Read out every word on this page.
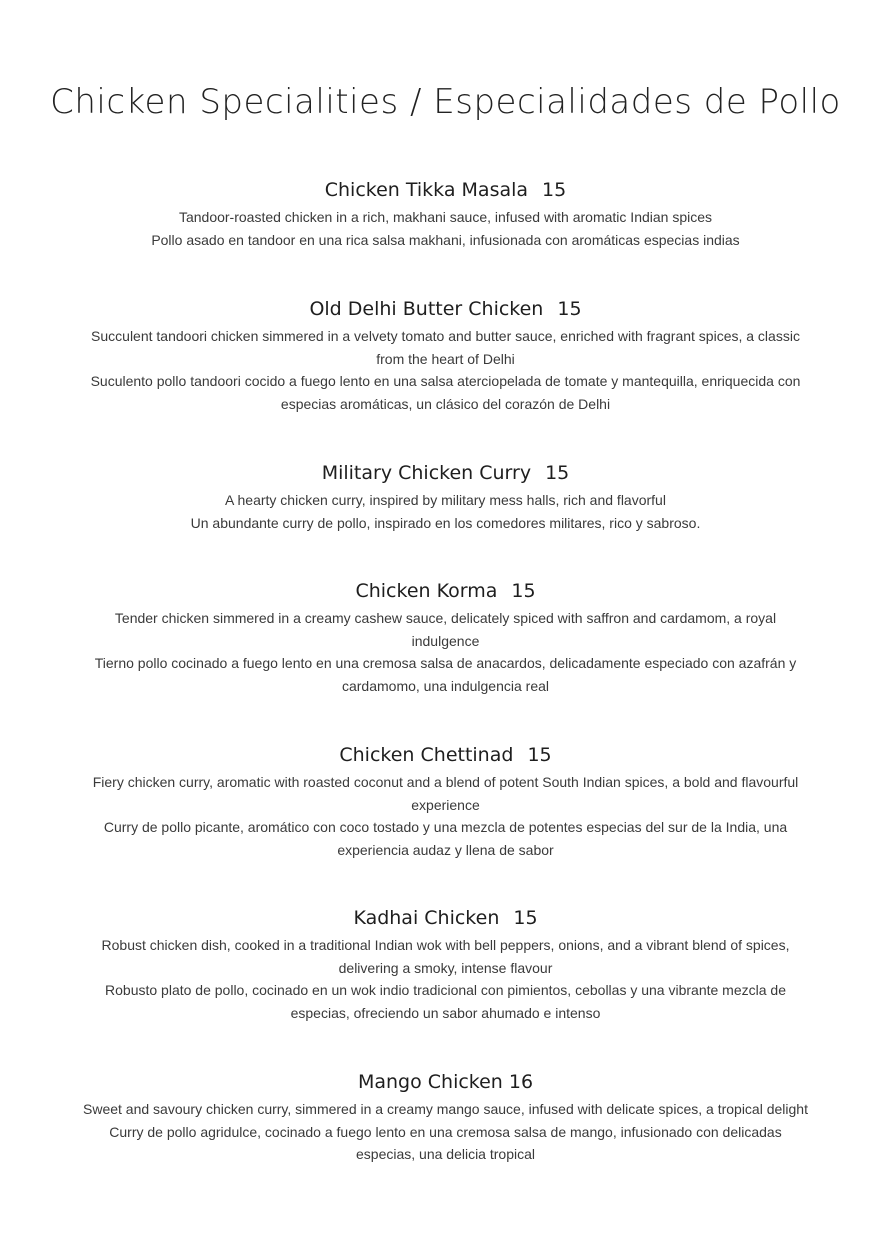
Chicken Specialities / Especialidades de Pollo
Chicken Tikka Masala 15

Tandoor-roasted chicken in a rich, makhani sauce, infused with aromatic Indian spices

Pollo asado en tandoor en una rica salsa makhani, infusionada con aromáticas especias indias

Old Delhi Butter Chicken 15

Succulent tandoori chicken simmered in a velvety tomato and butter sauce, enriched with fragrant spices, a classic from the heart of Delhi

Suculento pollo tandoori cocido a fuego lento en una salsa aterciopelada de tomate y mantequilla, enriquecida con especias aromáticas, un clásico del corazón de Delhi

Military Chicken Curry 15

A hearty chicken curry, inspired by military mess halls, rich and flavorful

Un abundante curry de pollo, inspirado en los comedores militares, rico y sabroso.

Chicken Korma 15

Tender chicken simmered in a creamy cashew sauce, delicately spiced with saffron and cardamom, a royal indulgence

Tierno pollo cocinado a fuego lento en una cremosa salsa de anacardos, delicadamente especiado con azafrán y cardamomo, una indulgencia real

Chicken Chettinad 15

Fiery chicken curry, aromatic with roasted coconut and a blend of potent South Indian spices, a bold and flavourful experience

Curry de pollo picante, aromático con coco tostado y una mezcla de potentes especias del sur de la India, una experiencia audaz y llena de sabor

Kadhai Chicken 15

Robust chicken dish, cooked in a traditional Indian wok with bell peppers, onions, and a vibrant blend of spices, delivering a smoky, intense flavour

Robusto plato de pollo, cocinado en un wok indio tradicional con pimientos, cebollas y una vibrante mezcla de especias, ofreciendo un sabor ahumado e intenso

Mango Chicken 16

Sweet and savoury chicken curry, simmered in a creamy mango sauce, infused with delicate spices, a tropical delight

Curry de pollo agridulce, cocinado a fuego lento en una cremosa salsa de mango, infusionado con delicadas especias, una delicia tropical
